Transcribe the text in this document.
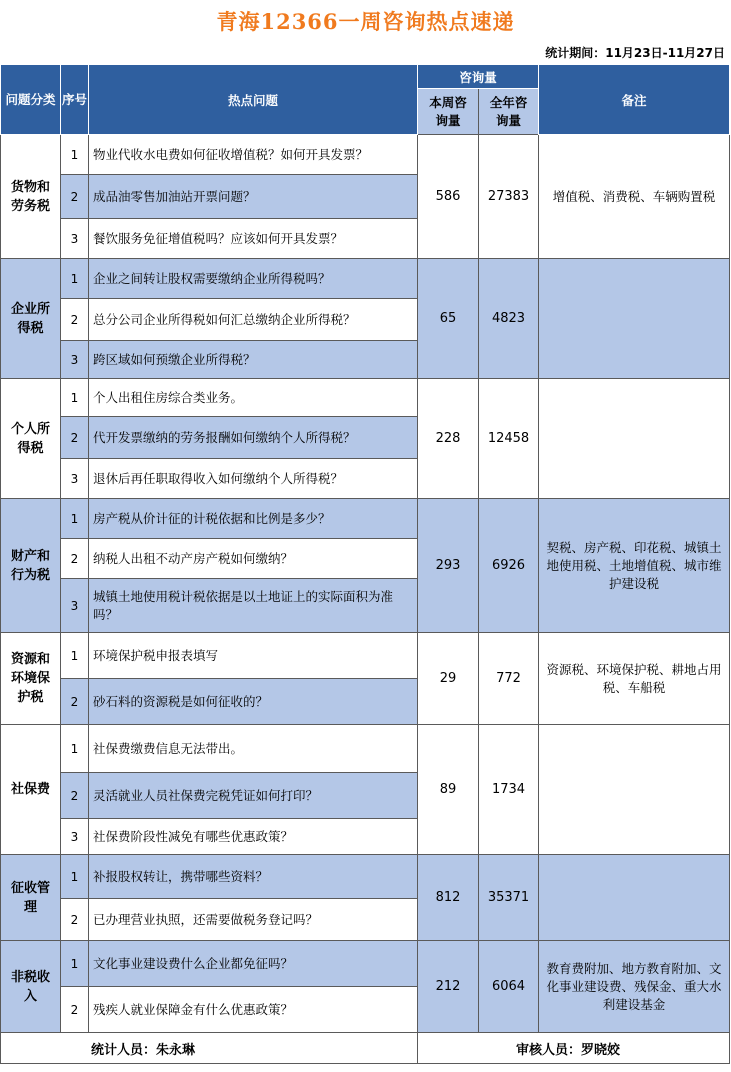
青海12366一周咨询热点速递
统计期间：11月23日-11月27日
问题分类	序号	热点问题	咨询量		备注

			本周咨询量	全年咨询量	

货物和劳务税	1	物业代收水电费如何征收增值税？如何开具发票？	586	27383	增值税、消费税、车辆购置税
	2	成品油零售加油站开票问题？			
	3	餐饮服务免征增值税吗？应该如何开具发票？			
企业所得税	1	企业之间转让股权需要缴纳企业所得税吗？	65	4823	
	2	总分公司企业所得税如何汇总缴纳企业所得税？			
	3	跨区域如何预缴企业所得税？			
个人所得税	1	个人出租住房综合类业务。	228	12458	
	2	代开发票缴纳的劳务报酬如何缴纳个人所得税？			
	3	退休后再任职取得收入如何缴纳个人所得税？			
财产和行为税	1	房产税从价计征的计税依据和比例是多少？	293	6926	契税、房产税、印花税、城镇土地使用税、土地增值税、城市维护建设税
	2	纳税人出租不动产房产税如何缴纳？			
	3	城镇土地使用税计税依据是以土地证上的实际面积为准吗？			
资源和环境保护税	1	环境保护税申报表填写	29	772	资源税、环境保护税、耕地占用税、车船税
	2	砂石料的资源税是如何征收的？			
社保费	1	社保费缴费信息无法带出。	89	1734	
	2	灵活就业人员社保费完税凭证如何打印？			
	3	社保费阶段性减免有哪些优惠政策？			
征收管理	1	补报股权转让，携带哪些资料？	812	35371	
	2	已办理营业执照，还需要做税务登记吗？			
非税收入	1	文化事业建设费什么企业都免征吗？	212	6064	教育费附加、地方教育附加、文化事业建设费、残保金、重大水利建设基金
	2	残疾人就业保障金有什么优惠政策？			
统计人员：朱永琳			审核人员：罗晓姣		
